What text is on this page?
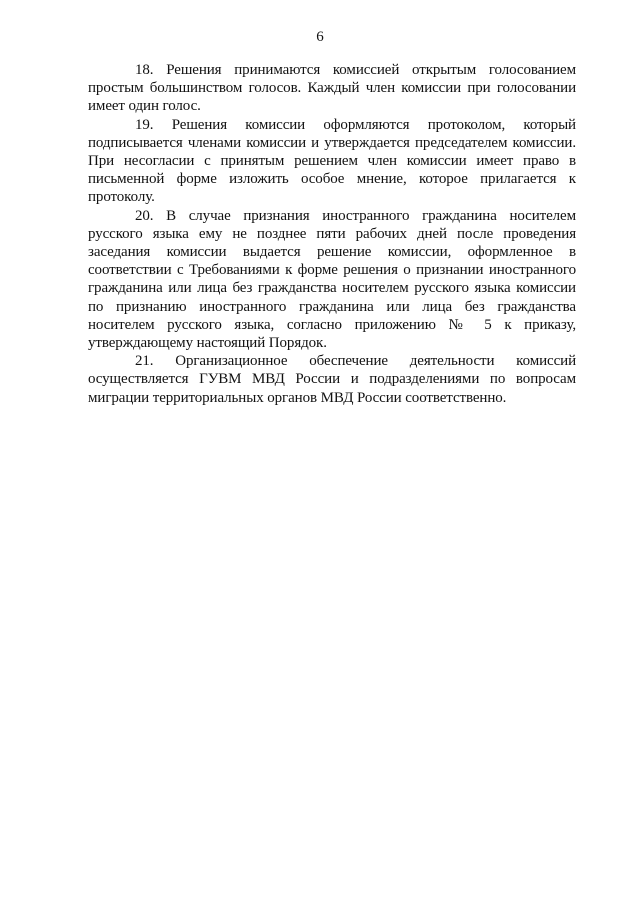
6

18. Решения принимаются комиссией открытым голосованием простым большинством голосов. Каждый член комиссии при голосовании имеет один голос.

19. Решения комиссии оформляются протоколом, который подписывается членами комиссии и утверждается председателем комиссии. При несогласии с принятым решением член комиссии имеет право в письменной форме изложить особое мнение, которое прилагается к протоколу.

20. В случае признания иностранного гражданина носителем русского языка ему не позднее пяти рабочих дней после проведения заседания комиссии выдается решение комиссии, оформленное в соответствии с Требованиями к форме решения о признании иностранного гражданина или лица без гражданства носителем русского языка комиссии по признанию иностранного гражданина или лица без гражданства носителем русского языка, согласно приложению № 5 к приказу, утверждающему настоящий Порядок.

21. Организационное обеспечение деятельности комиссий осуществляется ГУВМ МВД России и подразделениями по вопросам миграции территориальных органов МВД России соответственно.
